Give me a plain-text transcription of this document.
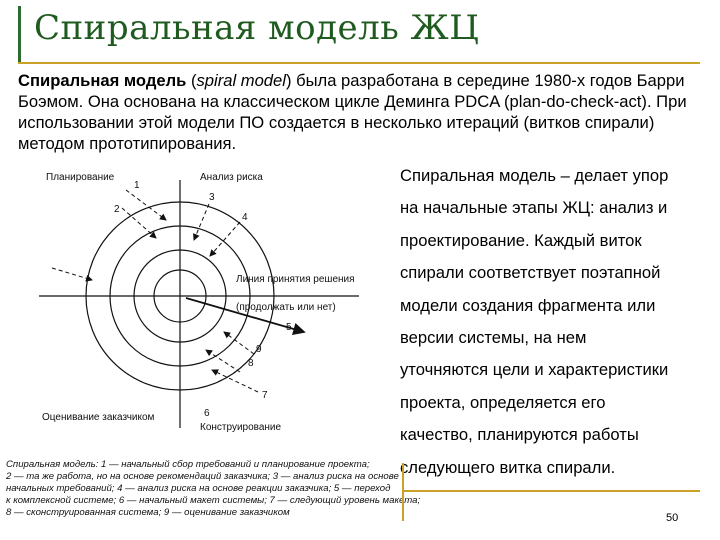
Спиральная модель ЖЦ
Спиральная модель (spiral model) была разработана в середине 1980-х годов Барри Боэмом. Она основана на классическом цикле Деминга PDCA (plan-do-check-act). При использовании этой модели ПО создается в несколько итераций (витков спирали) методом прототипирования.
Планирование	Анализ риска
Оценивание заказчиком
Конструирование
Линия принятия решения
(продолжать или нет)
1
2
3
4
5
6
7
8
9
Спиральная модель: 1 — начальный сбор требований и планирование проекта;
2 — та же работа, но на основе рекомендаций заказчика; 3 — анализ риска на основе
начальных требований; 4 — анализ риска на основе реакции заказчика; 5 — переход
к комплексной системе; 6 — начальный макет системы; 7 — следующий уровень макета;
8 — сконструированная система; 9 — оценивание заказчиком
Спиральная модель – делает упор
на начальные этапы ЖЦ: анализ и
проектирование. Каждый виток
спирали соответствует поэтапной
модели создания фрагмента или
версии системы, на нем
уточняются цели и характеристики
проекта, определяется его
качество, планируются работы
следующего витка спирали.
50
